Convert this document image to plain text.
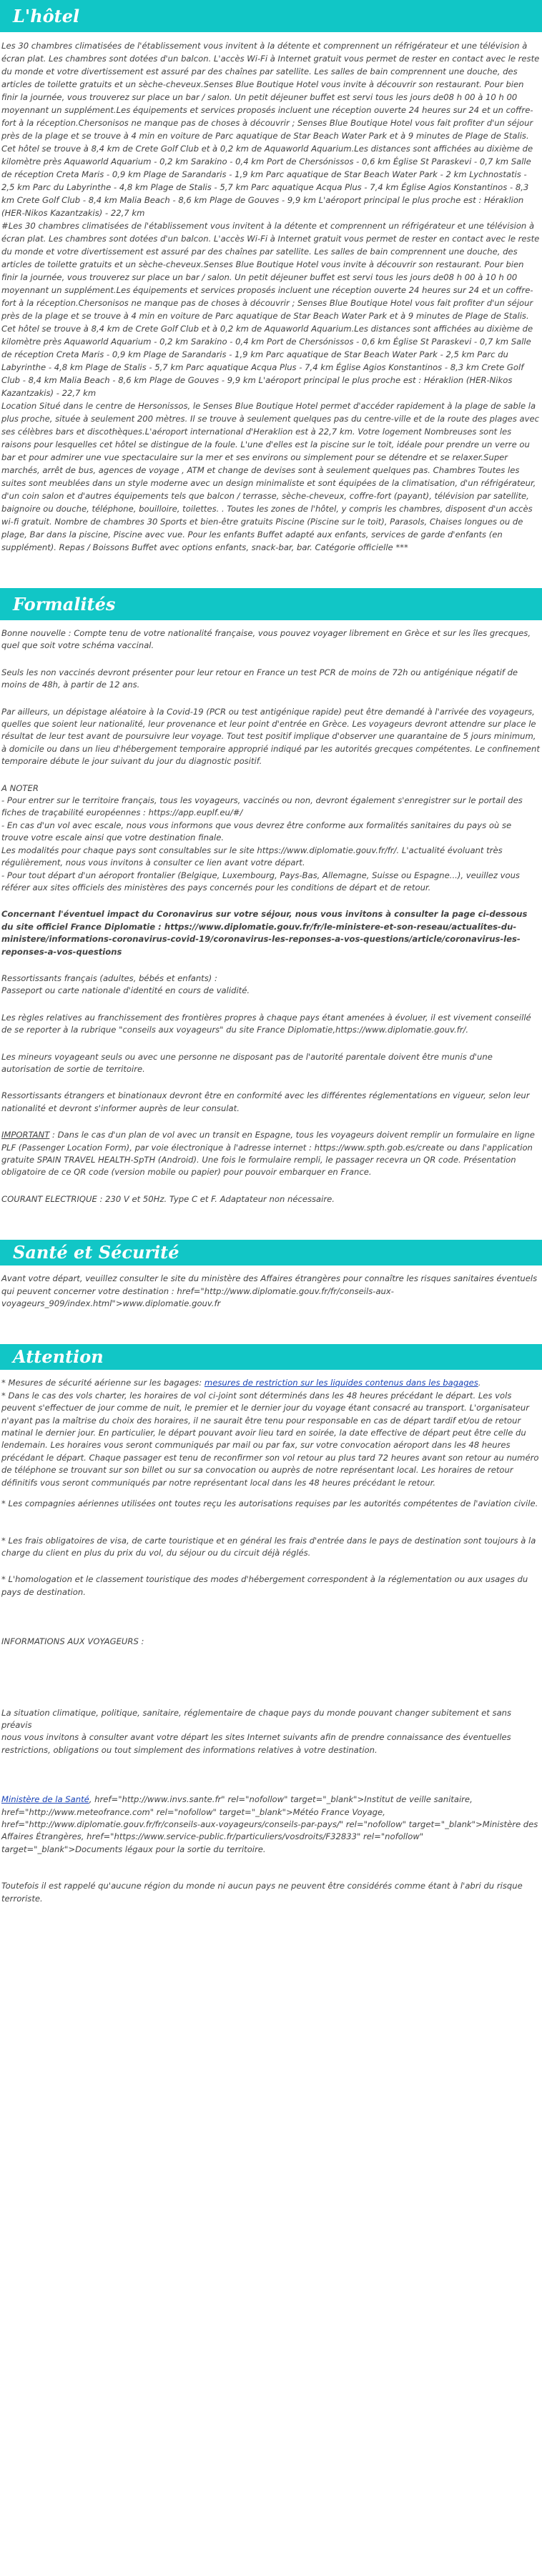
L'hôtel

Les 30 chambres climatisées de l'établissement vous invitent à la détente et comprennent un réfrigérateur et une télévision à écran plat. Les chambres sont dotées d'un balcon. L'accès Wi-Fi à Internet gratuit vous permet de rester en contact avec le reste du monde et votre divertissement est assuré par des chaînes par satellite. Les salles de bain comprennent une douche, des articles de toilette gratuits et un sèche-cheveux.Senses Blue Boutique Hotel vous invite à découvrir son restaurant. Pour bien finir la journée, vous trouverez sur place un bar / salon. Un petit déjeuner buffet est servi tous les jours de08 h 00 à 10 h 00 moyennant un supplément.Les équipements et services proposés incluent une réception ouverte 24 heures sur 24 et un coffre-fort à la réception.Chersonisos ne manque pas de choses à découvrir ; Senses Blue Boutique Hotel vous fait profiter d'un séjour près de la plage et se trouve à 4 min en voiture de Parc aquatique de Star Beach Water Park et à 9 minutes de Plage de Stalis. Cet hôtel se trouve à 8,4 km de Crete Golf Club et à 0,2 km de Aquaworld Aquarium.Les distances sont affichées au dixième de kilomètre près Aquaworld Aquarium - 0,2 km Sarakino - 0,4 km Port de Chersónissos - 0,6 km Église St Paraskevi - 0,7 km Salle de réception Creta Maris - 0,9 km Plage de Sarandaris - 1,9 km Parc aquatique de Star Beach Water Park - 2 km Lychnostatis - 2,5 km Parc du Labyrinthe - 4,8 km Plage de Stalis - 5,7 km Parc aquatique Acqua Plus - 7,4 km Église Agios Konstantinos - 8,3 km Crete Golf Club - 8,4 km Malia Beach - 8,6 km Plage de Gouves - 9,9 km L'aéroport principal le plus proche est : Héraklion (HER-Nikos Kazantzakis) - 22,7 km

#Les 30 chambres climatisées de l'établissement vous invitent à la détente et comprennent un réfrigérateur et une télévision à écran plat. Les chambres sont dotées d'un balcon. L'accès Wi-Fi à Internet gratuit vous permet de rester en contact avec le reste du monde et votre divertissement est assuré par des chaînes par satellite. Les salles de bain comprennent une douche, des articles de toilette gratuits et un sèche-cheveux.Senses Blue Boutique Hotel vous invite à découvrir son restaurant. Pour bien finir la journée, vous trouverez sur place un bar / salon. Un petit déjeuner buffet est servi tous les jours de08 h 00 à 10 h 00 moyennant un supplément.Les équipements et services proposés incluent une réception ouverte 24 heures sur 24 et un coffre-fort à la réception.Chersonisos ne manque pas de choses à découvrir ; Senses Blue Boutique Hotel vous fait profiter d'un séjour près de la plage et se trouve à 4 min en voiture de Parc aquatique de Star Beach Water Park et à 9 minutes de Plage de Stalis. Cet hôtel se trouve à 8,4 km de Crete Golf Club et à 0,2 km de Aquaworld Aquarium.Les distances sont affichées au dixième de kilomètre près Aquaworld Aquarium - 0,2 km Sarakino - 0,4 km Port de Chersónissos - 0,6 km Église St Paraskevi - 0,7 km Salle de réception Creta Maris - 0,9 km Plage de Sarandaris - 1,9 km Parc aquatique de Star Beach Water Park - 2,5 km Parc du Labyrinthe - 4,8 km Plage de Stalis - 5,7 km Parc aquatique Acqua Plus - 7,4 km Église Agios Konstantinos - 8,3 km Crete Golf Club - 8,4 km Malia Beach - 8,6 km Plage de Gouves - 9,9 km L'aéroport principal le plus proche est : Héraklion (HER-Nikos Kazantzakis) - 22,7 km

Location Situé dans le centre de Hersonissos, le Senses Blue Boutique Hotel permet d'accéder rapidement à la plage de sable la plus proche, située à seulement 200 mètres. Il se trouve à seulement quelques pas du centre-ville et de la route des plages avec ses célèbres bars et discothèques.L'aéroport international d'Heraklion est à 22,7 km. Votre logement Nombreuses sont les raisons pour lesquelles cet hôtel se distingue de la foule. L'une d'elles est la piscine sur le toit, idéale pour prendre un verre ou bar et pour admirer une vue spectaculaire sur la mer et ses environs ou simplement pour se détendre et se relaxer.Super marchés, arrêt de bus, agences de voyage , ATM et change de devises sont à seulement quelques pas. Chambres Toutes les suites sont meublées dans un style moderne avec un design minimaliste et sont équipées de la climatisation, d'un réfrigérateur, d'un coin salon et d'autres équipements tels que balcon / terrasse, sèche-cheveux, coffre-fort (payant), télévision par satellite, baignoire ou douche, téléphone, bouilloire, toilettes. . Toutes les zones de l'hôtel, y compris les chambres, disposent d'un accès wi-fi gratuit. Nombre de chambres 30 Sports et bien-être gratuits Piscine (Piscine sur le toit), Parasols, Chaises longues ou de plage, Bar dans la piscine, Piscine avec vue. Pour les enfants Buffet adapté aux enfants, services de garde d'enfants (en supplément). Repas / Boissons Buffet avec options enfants, snack-bar, bar. Catégorie officielle ***

Formalités

Bonne nouvelle : Compte tenu de votre nationalité française, vous pouvez voyager librement en Grèce et sur les îles grecques, quel que soit votre schéma vaccinal.

Seuls les non vaccinés devront présenter pour leur retour en France un test PCR de moins de 72h ou antigénique négatif de moins de 48h, à partir de 12 ans.

Par ailleurs, un dépistage aléatoire à la Covid-19 (PCR ou test antigénique rapide) peut être demandé à l'arrivée des voyageurs, quelles que soient leur nationalité, leur provenance et leur point d'entrée en Grèce. Les voyageurs devront attendre sur place le résultat de leur test avant de poursuivre leur voyage. Tout test positif implique d'observer une quarantaine de 5 jours minimum, à domicile ou dans un lieu d'hébergement temporaire approprié indiqué par les autorités grecques compétentes. Le confinement temporaire débute le jour suivant du jour du diagnostic positif.

A NOTER
- Pour entrer sur le territoire français, tous les voyageurs, vaccinés ou non, devront également s'enregistrer sur le portail des fiches de traçabilité européennes : https://app.euplf.eu/#/
- En cas d'un vol avec escale, nous vous informons que vous devrez être conforme aux formalités sanitaires du pays où se trouve votre escale ainsi que votre destination finale.
Les modalités pour chaque pays sont consultables sur le site https://www.diplomatie.gouv.fr/fr/. L'actualité évoluant très régulièrement, nous vous invitons à consulter ce lien avant votre départ.
- Pour tout départ d'un aéroport frontalier (Belgique, Luxembourg, Pays-Bas, Allemagne, Suisse ou Espagne...), veuillez vous référer aux sites officiels des ministères des pays concernés pour les conditions de départ et de retour.

Concernant l'éventuel impact du Coronavirus sur votre séjour, nous vous invitons à consulter la page ci-dessous du site officiel France Diplomatie : https://www.diplomatie.gouv.fr/fr/le-ministere-et-son-reseau/actualites-du-ministere/informations-coronavirus-covid-19/coronavirus-les-reponses-a-vos-questions/article/coronavirus-les-reponses-a-vos-questions

Ressortissants français (adultes, bébés et enfants) :
Passeport ou carte nationale d'identité en cours de validité.

Les règles relatives au franchissement des frontières propres à chaque pays étant amenées à évoluer, il est vivement conseillé de se reporter à la rubrique "conseils aux voyageurs" du site France Diplomatie,https://www.diplomatie.gouv.fr/.

Les mineurs voyageant seuls ou avec une personne ne disposant pas de l'autorité parentale doivent être munis d'une autorisation de sortie de territoire.

Ressortissants étrangers et binationaux devront être en conformité avec les différentes réglementations en vigueur, selon leur nationalité et devront s'informer auprès de leur consulat.

IMPORTANT : Dans le cas d'un plan de vol avec un transit en Espagne, tous les voyageurs doivent remplir un formulaire en ligne PLF (Passenger Location Form), par voie électronique à l'adresse internet : https://www.spth.gob.es/create ou dans l'application gratuite SPAIN TRAVEL HEALTH-SpTH (Android). Une fois le formulaire rempli, le passager recevra un QR code. Présentation obligatoire de ce QR code (version mobile ou papier) pour pouvoir embarquer en France.

COURANT ELECTRIQUE : 230 V et 50Hz. Type C et F. Adaptateur non nécessaire.

Santé et Sécurité

Avant votre départ, veuillez consulter le site du ministère des Affaires étrangères pour connaître les risques sanitaires éventuels qui peuvent concerner votre destination : href="http://www.diplomatie.gouv.fr/fr/conseils-aux-voyageurs_909/index.html">www.diplomatie.gouv.fr

Attention

* Mesures de sécurité aérienne sur les bagages: mesures de restriction sur les liquides contenus dans les bagages.

* Dans le cas des vols charter, les horaires de vol ci-joint sont déterminés dans les 48 heures précédant le départ. Les vols peuvent s'effectuer de jour comme de nuit, le premier et le dernier jour du voyage étant consacré au transport. L'organisateur n'ayant pas la maîtrise du choix des horaires, il ne saurait être tenu pour responsable en cas de départ tardif et/ou de retour matinal le dernier jour. En particulier, le départ pouvant avoir lieu tard en soirée, la date effective de départ peut être celle du lendemain. Les horaires vous seront communiqués par mail ou par fax, sur votre convocation aéroport dans les 48 heures précédant le départ. Chaque passager est tenu de reconfirmer son vol retour au plus tard 72 heures avant son retour au numéro de téléphone se trouvant sur son billet ou sur sa convocation ou auprès de notre représentant local. Les horaires de retour définitifs vous seront communiqués par notre représentant local dans les 48 heures précédant le retour.

* Les compagnies aériennes utilisées ont toutes reçu les autorisations requises par les autorités compétentes de l'aviation civile.

* Les frais obligatoires de visa, de carte touristique et en général les frais d'entrée dans le pays de destination sont toujours à la charge du client en plus du prix du vol, du séjour ou du circuit déjà réglés.

* L'homologation et le classement touristique des modes d'hébergement correspondent à la réglementation ou aux usages du pays de destination.

INFORMATIONS AUX VOYAGEURS :

La situation climatique, politique, sanitaire, réglementaire de chaque pays du monde pouvant changer subitement et sans préavis

nous vous invitons à consulter avant votre départ les sites Internet suivants afin de prendre connaissance des éventuelles restrictions, obligations ou tout simplement des informations relatives à votre destination.

Ministère de la Santé, href="http://www.invs.sante.fr" rel="nofollow" target="_blank">Institut de veille sanitaire, href="http://www.meteofrance.com" rel="nofollow" target="_blank">Météo France Voyage, href="http://www.diplomatie.gouv.fr/fr/conseils-aux-voyageurs/conseils-par-pays/" rel="nofollow" target="_blank">Ministère des Affaires Étrangères, href="https://www.service-public.fr/particuliers/vosdroits/F32833" rel="nofollow" target="_blank">Documents légaux pour la sortie du territoire.

Toutefois il est rappelé qu'aucune région du monde ni aucun pays ne peuvent être considérés comme étant à l'abri du risque terroriste.
